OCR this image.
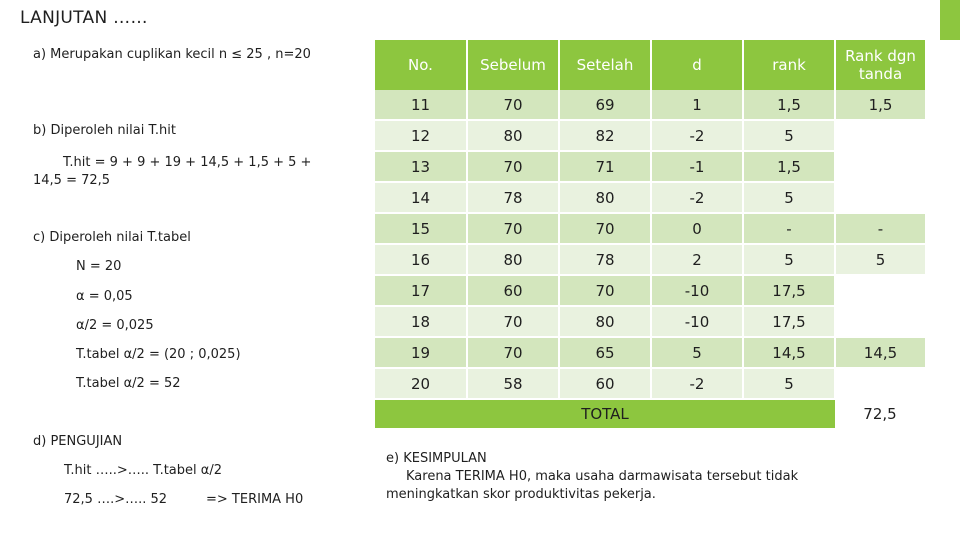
LANJUTAN ……
a) Merupakan cuplikan kecil n ≤ 25 , n=20
b) Diperoleh nilai T.hit
T.hit = 9 + 9 + 19 + 14,5 + 1,5 + 5 + 14,5 = 72,5
c) Diperoleh nilai T.tabel
N = 20
α = 0,05
α/2 = 0,025
T.tabel α/2 = (20 ; 0,025)
T.tabel α/2 = 52
d) PENGUJIAN
T.hit …..>….. T.tabel α/2
72,5 ….>….. 52	=> TERIMA H0
e) KESIMPULAN
Karena TERIMA H0, maka usaha darmawisata tersebut tidak meningkatkan skor produktivitas pekerja.
No.	Sebelum	Setelah	d	rank	Rank dgn tanda
11	70	69	1	1,5	1,5
12	80	82	-2	5	
13	70	71	-1	1,5	
14	78	80	-2	5	
15	70	70	0	-	-
16	80	78	2	5	5
17	60	70	-10	17,5	
18	70	80	-10	17,5	
19	70	65	5	14,5	14,5
20	58	60	-2	5	
TOTAL					72,5
